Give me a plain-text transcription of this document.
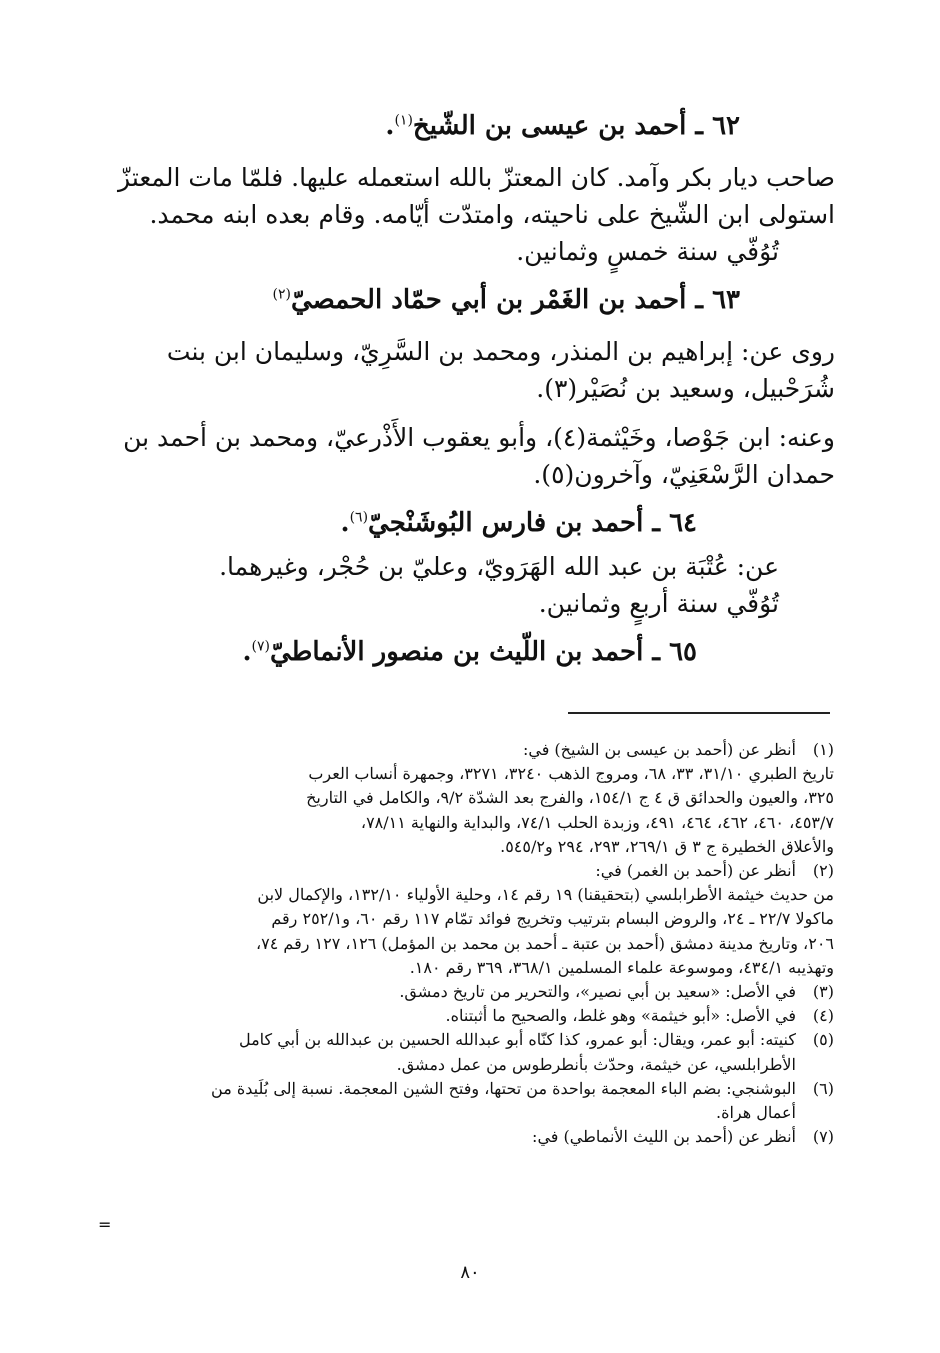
٦٢ ـ أحمد بن عيسى بن الشّيخ$^{(١)}$.
صاحب ديار بكر وآمد. كان المعتزّ بالله استعمله عليها. فلمّا مات المعتزّ
استولى ابن الشّيخ على ناحيته، وامتدّت أيّامه. وقام بعده ابنه محمد.
تُوُفّي سنة خمسٍ وثمانين.
٦٣ ـ أحمد بن الغَمْر بن أبي حمّاد الحمصيّ$^{(٢)}$
روى عن: إبراهيم بن المنذر، ومحمد بن السَّرِيّ، وسليمان ابن بنت
شُرَحْبيل، وسعيد بن نُصَيْر(٣).
وعنه: ابن جَوْصا، وخَيْثمة(٤)، وأبو يعقوب الأَذْرعيّ، ومحمد بن أحمد بن
حمدان الرَّسْعَنِيّ، وآخرون(٥).
٦٤ ـ أحمد بن فارس البُوشَنْجيّ$^{(٦)}$.
عن: عُتْبَة بن عبد الله الهَرَويّ، وعليّ بن حُجْر، وغيرهما.
تُوُفّي سنة أربعٍ وثمانين.
٦٥ ـ أحمد بن اللّيث بن منصور الأنماطيّ$^{(٧)}$.
(١)
أنظر عن (أحمد بن عيسى بن الشيخ) في:
تاريخ الطبري ٣١/١٠، ٣٣، ٦٨، ومروج الذهب ٣٢٤٠، ٣٢٧١، وجمهرة أنساب العرب
٣٢٥، والعيون والحدائق ق ٤ ج ١٥٤/١، والفرج بعد الشدّة ٩/٢، والكامل في التاريخ
٤٥٣/٧، ٤٦٠، ٤٦٢، ٤٦٤، ٤٩١، وزبدة الحلب ٧٤/١، والبداية والنهاية ٧٨/١١،
والأعلاق الخطيرة ج ٣ ق ٢٦٩/١، ٢٩٣، ٢٩٤ و٥٤٥/٢.
(٢)
أنظر عن (أحمد بن الغمر) في:
من حديث خيثمة الأطرابلسي (بتحقيقنا) ١٩ رقم ١٤، وحلية الأولياء ١٣٢/١٠، والإكمال لابن
ماكولا ٢٢/٧ ـ ٢٤، والروض البسام بترتيب وتخريج فوائد تمّام ١١٧ رقم ٦٠، و٢٥٢/١ رقم
٢٠٦، وتاريخ مدينة دمشق (أحمد بن عتبة ـ أحمد بن محمد بن المؤمل) ١٢٦، ١٢٧ رقم ٧٤،
وتهذيبه ٤٣٤/١، وموسوعة علماء المسلمين ٣٦٨/١، ٣٦٩ رقم ١٨٠.
(٣)
في الأصل: «سعيد بن أبي نصير»، والتحرير من تاريخ دمشق.
(٤)
في الأصل: «أبو خيثمة» وهو غلط، والصحيح ما أثبتناه.
(٥)
كنيته: أبو عمر، ويقال: أبو عمرو، كذا كنّاه أبو عبدالله الحسين بن عبدالله بن أبي كامل
الأطرابلسي، عن خيثمة، وحدّث بأنطرطوس من عمل دمشق.
(٦)
البوشنجي: بضم الباء المعجمة بواحدة من تحتها، وفتح الشين المعجمة. نسبة إلى بُلَيدة من
أعمال هراة.
(٧)
أنظر عن (أحمد بن الليث الأنماطي) في:
=
٨٠
